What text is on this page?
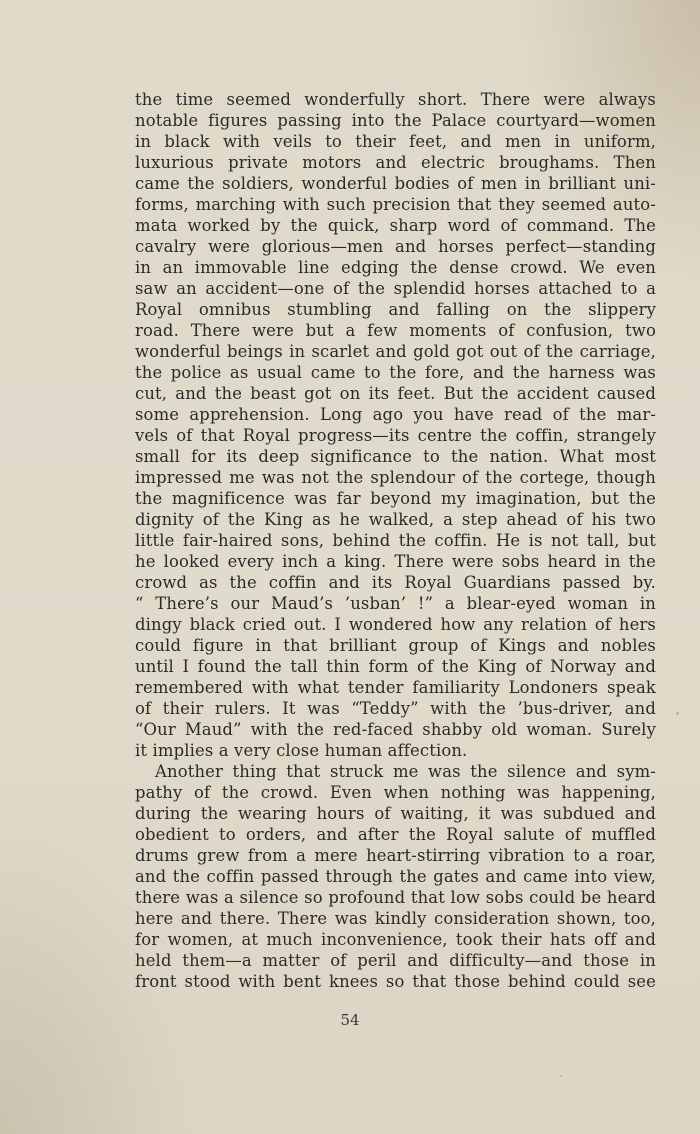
the time seemed wonderfully short. There were always
notable figures passing into the Palace courtyard—women
in black with veils to their feet, and men in uniform,
luxurious private motors and electric broughams. Then
came the soldiers, wonderful bodies of men in brilliant uni-
forms, marching with such precision that they seemed auto-
mata worked by the quick, sharp word of command. The
cavalry were glorious—men and horses perfect—standing
in an immovable line edging the dense crowd. We even
saw an accident—one of the splendid horses attached to a
Royal omnibus stumbling and falling on the slippery
road. There were but a few moments of confusion, two
wonderful beings in scarlet and gold got out of the carriage,
the police as usual came to the fore, and the harness was
cut, and the beast got on its feet. But the accident caused
some apprehension. Long ago you have read of the mar-
vels of that Royal progress—its centre the coffin, strangely
small for its deep significance to the nation. What most
impressed me was not the splendour of the cortege, though
the magnificence was far beyond my imagination, but the
dignity of the King as he walked, a step ahead of his two
little fair-haired sons, behind the coffin. He is not tall, but
he looked every inch a king. There were sobs heard in the
crowd as the coffin and its Royal Guardians passed by.
“ There’s our Maud’s ’usban’ !” a blear-eyed woman in
dingy black cried out. I wondered how any relation of hers
could figure in that brilliant group of Kings and nobles
until I found the tall thin form of the King of Norway and
remembered with what tender familiarity Londoners speak
of their rulers. It was “Teddy” with the ’bus-driver, and
“Our Maud” with the red-faced shabby old woman. Surely
it implies a very close human affection.
Another thing that struck me was the silence and sym-
pathy of the crowd. Even when nothing was happening,
during the wearing hours of waiting, it was subdued and
obedient to orders, and after the Royal salute of muffled
drums grew from a mere heart-stirring vibration to a roar,
and the coffin passed through the gates and came into view,
there was a silence so profound that low sobs could be heard
here and there. There was kindly consideration shown, too,
for women, at much inconvenience, took their hats off and
held them—a matter of peril and difficulty—and those in
front stood with bent knees so that those behind could see
54
